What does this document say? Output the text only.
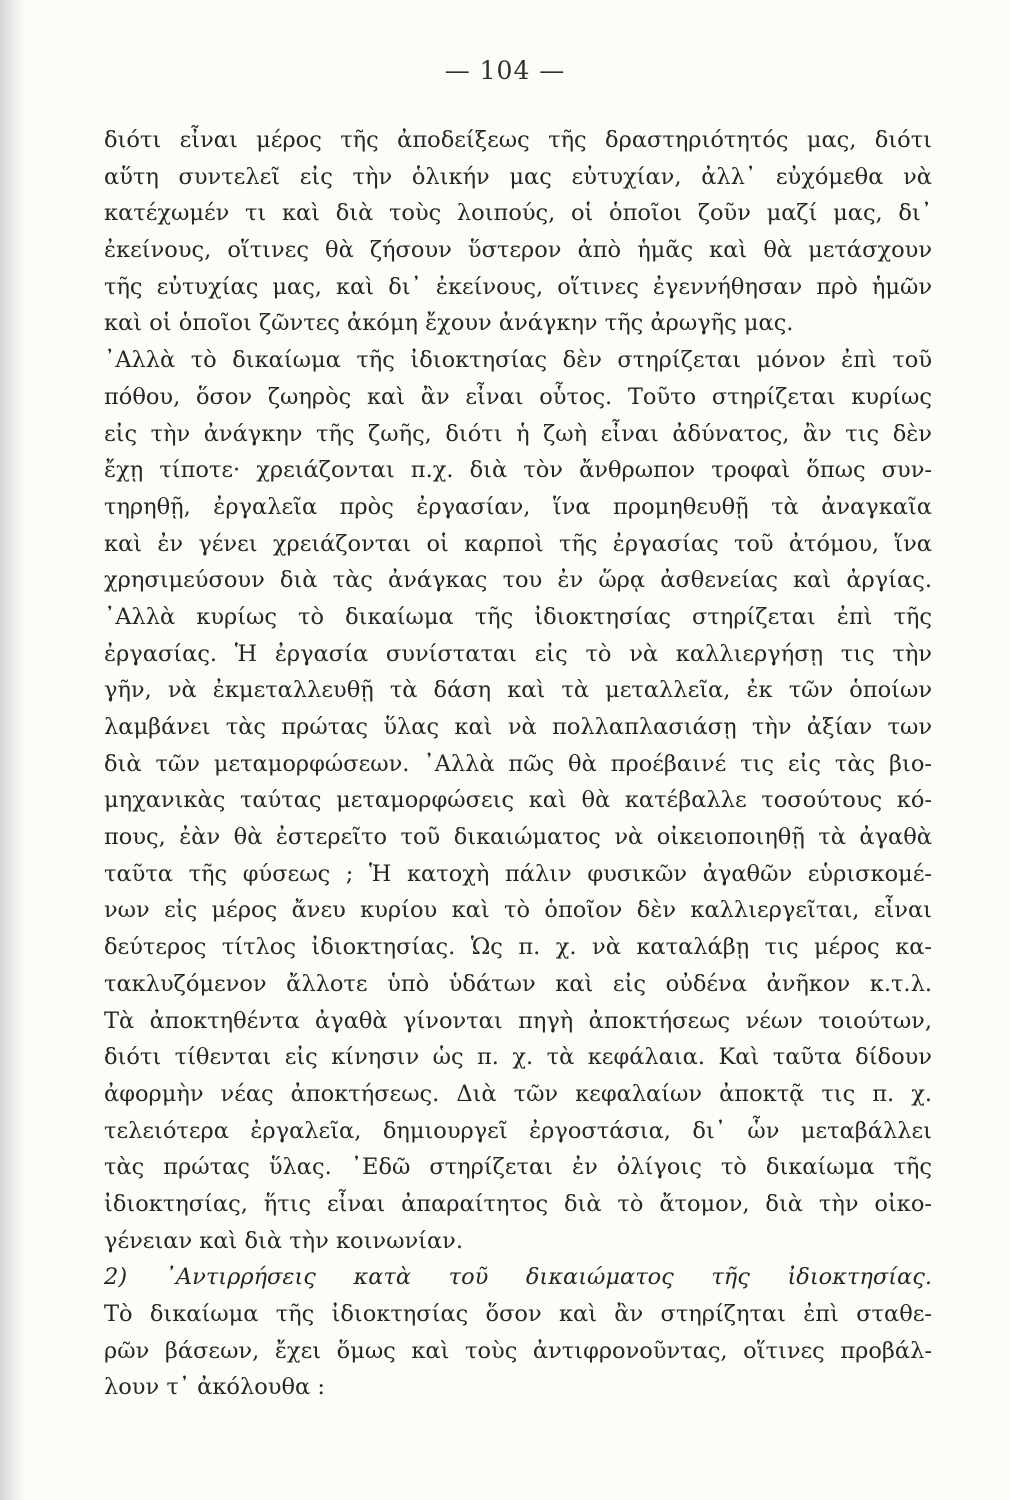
— 104 —
διότι εἶναι μέρος τῆς ἀποδείξεως τῆς δραστηριότητός μας, διότι
αὕτη συντελεῖ εἰς τὴν ὁλικήν μας εὐτυχίαν, ἀλλ᾽ εὐχόμεθα νὰ
κατέχωμέν τι καὶ διὰ τοὺς λοιπούς, οἱ ὁποῖοι ζοῦν μαζί μας, δι᾽
ἐκείνους, οἵτινες θὰ ζήσουν ὕστερον ἀπὸ ἡμᾶς καὶ θὰ μετάσχουν
τῆς εὐτυχίας μας, καὶ δι᾽ ἐκείνους, οἵτινες ἐγεννήθησαν πρὸ ἡμῶν
καὶ οἱ ὁποῖοι ζῶντες ἀκόμη ἔχουν ἀνάγκην τῆς ἀρωγῆς μας.
᾽Αλλὰ τὸ δικαίωμα τῆς ἰδιοκτησίας δὲν στηρίζεται μόνον ἐπὶ τοῦ
πόθου, ὅσον ζωηρὸς καὶ ἂν εἶναι οὗτος. Τοῦτο στηρίζεται κυρίως
εἰς τὴν ἀνάγκην τῆς ζωῆς, διότι ἡ ζωὴ εἶναι ἀδύνατος, ἂν τις δὲν
ἔχῃ τίποτε· χρειάζονται π.χ. διὰ τὸν ἄνθρωπον τροφαὶ ὅπως συν-
τηρηθῇ, ἐργαλεῖα πρὸς ἐργασίαν, ἵνα προμηθευθῇ τὰ ἀναγκαῖα
καὶ ἐν γένει χρειάζονται οἱ καρποὶ τῆς ἐργασίας τοῦ ἀτόμου, ἵνα
χρησιμεύσουν διὰ τὰς ἀνάγκας του ἐν ὥρᾳ ἀσθενείας καὶ ἀργίας.
᾽Αλλὰ κυρίως τὸ δικαίωμα τῆς ἰδιοκτησίας στηρίζεται ἐπὶ τῆς
ἐργασίας. Ἡ ἐργασία συνίσταται εἰς τὸ νὰ καλλιεργήσῃ τις τὴν
γῆν, νὰ ἐκμεταλλευθῇ τὰ δάση καὶ τὰ μεταλλεῖα, ἐκ τῶν ὁποίων
λαμβάνει τὰς πρώτας ὕλας καὶ νὰ πολλαπλασιάσῃ τὴν ἀξίαν των
διὰ τῶν μεταμορφώσεων. ᾽Αλλὰ πῶς θὰ προέβαινέ τις εἰς τὰς βιο-
μηχανικὰς ταύτας μεταμορφώσεις καὶ θὰ κατέβαλλε τοσούτους κό-
πους, ἐὰν θὰ ἐστερεῖτο τοῦ δικαιώματος νὰ οἰκειοποιηθῇ τὰ ἀγαθὰ
ταῦτα τῆς φύσεως ; Ἡ κατοχὴ πάλιν φυσικῶν ἀγαθῶν εὑρισκομέ-
νων εἰς μέρος ἄνευ κυρίου καὶ τὸ ὁποῖον δὲν καλλιεργεῖται, εἶναι
δεύτερος τίτλος ἰδιοκτησίας. Ὡς π. χ. νὰ καταλάβῃ τις μέρος κα-
τακλυζόμενον ἄλλοτε ὑπὸ ὑδάτων καὶ εἰς οὐδένα ἀνῆκον κ.τ.λ.
Τὰ ἀποκτηθέντα ἀγαθὰ γίνονται πηγὴ ἀποκτήσεως νέων τοιούτων,
διότι τίθενται εἰς κίνησιν ὡς π. χ. τὰ κεφάλαια. Καὶ ταῦτα δίδουν
ἀφορμὴν νέας ἀποκτήσεως. Διὰ τῶν κεφαλαίων ἀποκτᾷ τις π. χ.
τελειότερα ἐργαλεῖα, δημιουργεῖ ἐργοστάσια, δι᾽ ὧν μεταβάλλει
τὰς πρώτας ὕλας. ᾽Εδῶ στηρίζεται ἐν ὀλίγοις τὸ δικαίωμα τῆς
ἰδιοκτησίας, ἥτις εἶναι ἀπαραίτητος διὰ τὸ ἄτομον, διὰ τὴν οἰκο-
γένειαν καὶ διὰ τὴν κοινωνίαν.
2) ᾽Αντιρρήσεις κατὰ τοῦ δικαιώματος τῆς ἰδιοκτησίας.
Τὸ δικαίωμα τῆς ἰδιοκτησίας ὅσον καὶ ἂν στηρίζηται ἐπὶ σταθε-
ρῶν βάσεων, ἔχει ὅμως καὶ τοὺς ἀντιφρονοῦντας, οἵτινες προβάλ-
λουν τ᾽ ἀκόλουθα :
